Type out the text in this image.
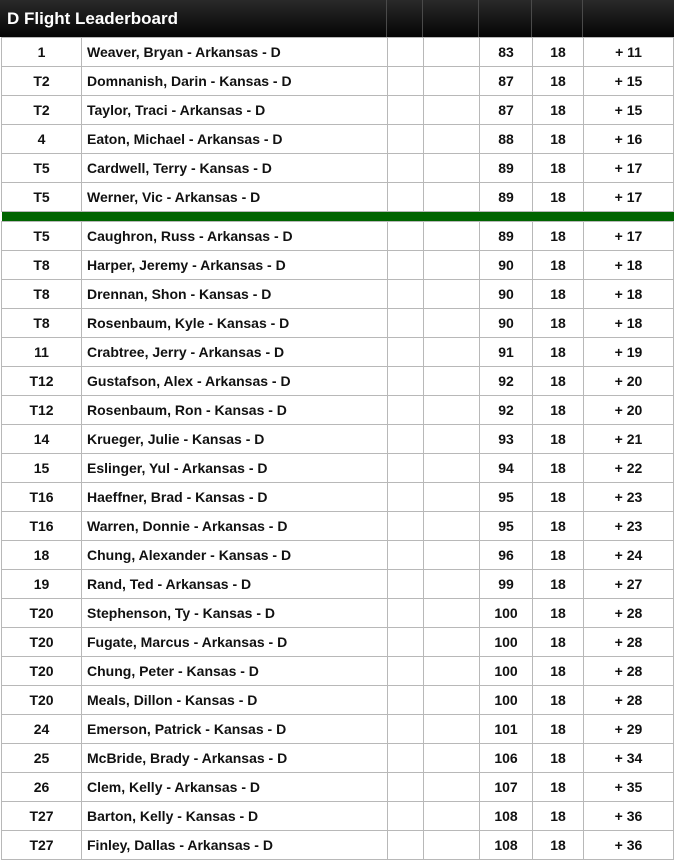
D Flight Leaderboard
1	Weaver, Bryan - Arkansas - D			83	18	+ 11
T2	Domnanish, Darin - Kansas - D			87	18	+ 15
T2	Taylor, Traci - Arkansas - D			87	18	+ 15
4	Eaton, Michael - Arkansas - D			88	18	+ 16
T5	Cardwell, Terry - Kansas - D			89	18	+ 17
T5	Werner, Vic - Arkansas - D			89	18	+ 17

T5	Caughron, Russ - Arkansas - D			89	18	+ 17
T8	Harper, Jeremy - Arkansas - D			90	18	+ 18
T8	Drennan, Shon - Kansas - D			90	18	+ 18
T8	Rosenbaum, Kyle - Kansas - D			90	18	+ 18
11	Crabtree, Jerry - Arkansas - D			91	18	+ 19
T12	Gustafson, Alex - Arkansas - D			92	18	+ 20
T12	Rosenbaum, Ron - Kansas - D			92	18	+ 20
14	Krueger, Julie - Kansas - D			93	18	+ 21
15	Eslinger, Yul - Arkansas - D			94	18	+ 22
T16	Haeffner, Brad - Kansas - D			95	18	+ 23
T16	Warren, Donnie - Arkansas - D			95	18	+ 23
18	Chung, Alexander - Kansas - D			96	18	+ 24
19	Rand, Ted - Arkansas - D			99	18	+ 27
T20	Stephenson, Ty - Kansas - D			100	18	+ 28
T20	Fugate, Marcus - Arkansas - D			100	18	+ 28
T20	Chung, Peter - Kansas - D			100	18	+ 28
T20	Meals, Dillon - Kansas - D			100	18	+ 28
24	Emerson, Patrick - Kansas - D			101	18	+ 29
25	McBride, Brady - Arkansas - D			106	18	+ 34
26	Clem, Kelly - Arkansas - D			107	18	+ 35
T27	Barton, Kelly - Kansas - D			108	18	+ 36
T27	Finley, Dallas - Arkansas - D			108	18	+ 36
